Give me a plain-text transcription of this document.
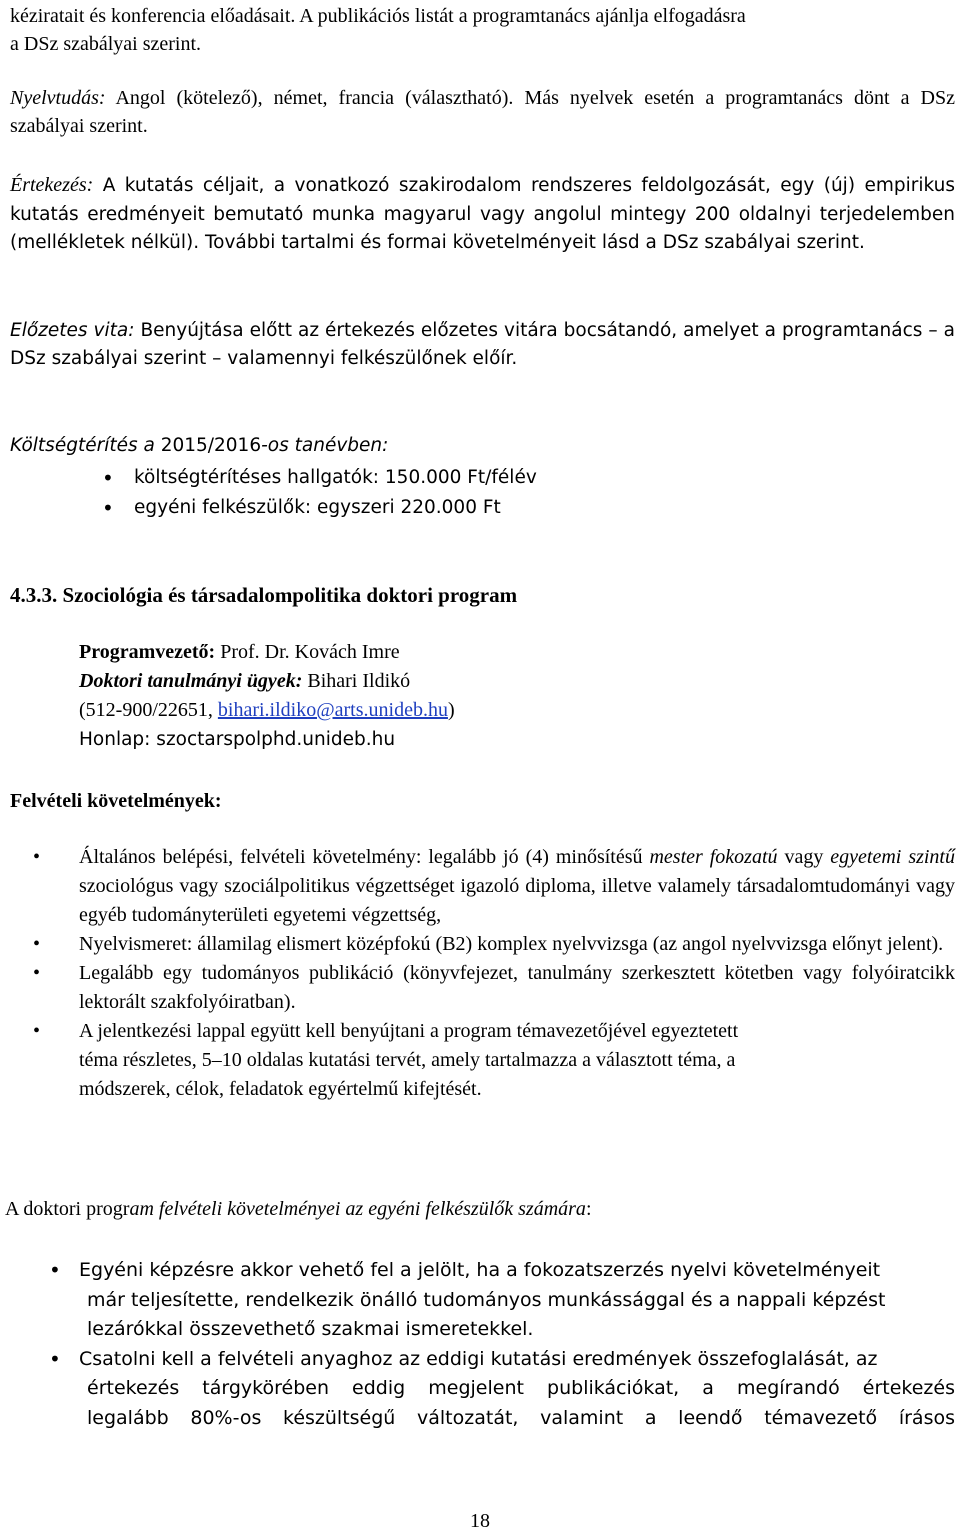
kéziratait és konferencia előadásait. A publikációs listát a programtanács ajánlja elfogadásra
a DSz szabályai szerint.

Nyelvtudás: Angol (kötelező), német, francia (választható). Más nyelvek esetén a programtanács dönt a DSz szabályai szerint.

Értekezés: A kutatás céljait, a vonatkozó szakirodalom rendszeres feldolgozását, egy (új) empirikus kutatás eredményeit bemutató munka magyarul vagy angolul mintegy 200 oldalnyi terjedelemben (mellékletek nélkül). További tartalmi és formai követelményeit lásd a DSz szabályai szerint.

Előzetes vita: Benyújtása előtt az értekezés előzetes vitára bocsátandó, amelyet a programtanács – a DSz szabályai szerint – valamennyi felkészülőnek előír.

Költségtérítés a 2015/2016-os tanévben:

• költségtérítéses hallgatók: 150.000 Ft/félév
• egyéni felkészülők: egyszeri 220.000 Ft

4.3.3. Szociológia és társadalompolitika doktori program

Programvezető: Prof. Dr. Kovách Imre
Doktori tanulmányi ügyek: Bihari Ildikó
(512-900/22651, bihari.ildiko@arts.unideb.hu)
Honlap: szoctarspolphd.unideb.hu

Felvételi követelmények:

• Általános belépési, felvételi követelmény: legalább jó (4) minősítésű mester fokozatú vagy egyetemi szintű szociológus vagy szociálpolitikus végzettséget igazoló diploma, illetve valamely társadalomtudományi vagy egyéb tudományterületi egyetemi végzettség,
• Nyelvismeret: államilag elismert középfokú (B2) komplex nyelvvizsga (az angol nyelvvizsga előnyt jelent).
• Legalább egy tudományos publikáció (könyvfejezet, tanulmány szerkesztett kötetben vagy folyóiratcikk lektorált szakfolyóiratban).
• A jelentkezési lappal együtt kell benyújtani a program témavezetőjével egyeztetett
téma részletes, 5–10 oldalas kutatási tervét, amely tartalmazza a választott téma, a
módszerek, célok, feladatok egyértelmű kifejtését.

A doktori program felvételi követelményei az egyéni felkészülők számára:

• Egyéni képzésre akkor vehető fel a jelölt, ha a fokozatszerzés nyelvi követelményeit
már teljesítette, rendelkezik önálló tudományos munkássággal és a nappali képzést
lezárókkal összevethető szakmai ismeretekkel.
• Csatolni kell a felvételi anyaghoz az eddigi kutatási eredmények összefoglalását, az
értekezés tárgykörében eddig megjelent publikációkat, a megírandó értekezés
legalább 80%-os készültségű változatát, valamint a leendő témavezető írásos
18
